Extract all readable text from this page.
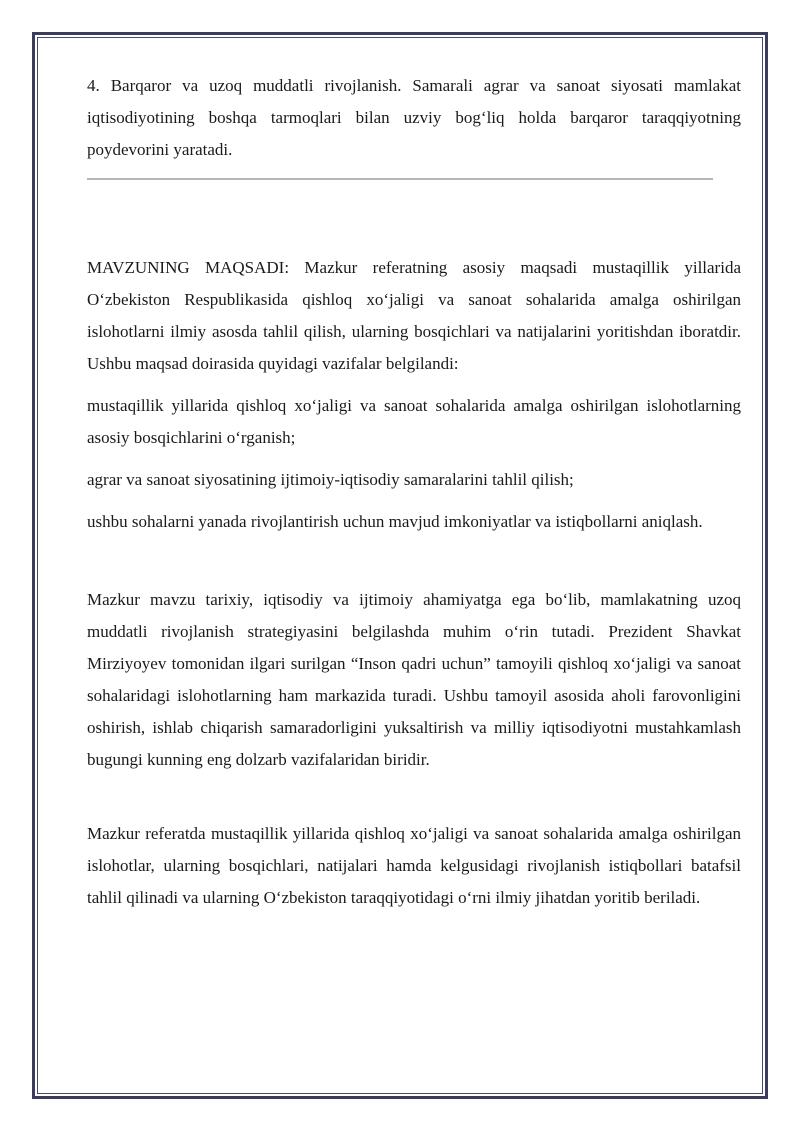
4. Barqaror va uzoq muddatli rivojlanish. Samarali agrar va sanoat siyosati mamlakat iqtisodiyotining boshqa tarmoqlari bilan uzviy bog‘liq holda barqaror taraqqiyotning poydevorini yaratadi.

MAVZUNING MAQSADI: Mazkur referatning asosiy maqsadi mustaqillik yillarida O‘zbekiston Respublikasida qishloq xo‘jaligi va sanoat sohalarida amalga oshirilgan islohotlarni ilmiy asosda tahlil qilish, ularning bosqichlari va natijalarini yoritishdan iboratdir. Ushbu maqsad doirasida quyidagi vazifalar belgilandi:

mustaqillik yillarida qishloq xo‘jaligi va sanoat sohalarida amalga oshirilgan islohotlarning asosiy bosqichlarini o‘rganish;

agrar va sanoat siyosatining ijtimoiy-iqtisodiy samaralarini tahlil qilish;

ushbu sohalarni yanada rivojlantirish uchun mavjud imkoniyatlar va istiqbollarni aniqlash.

Mazkur mavzu tarixiy, iqtisodiy va ijtimoiy ahamiyatga ega bo‘lib, mamlakatning uzoq muddatli rivojlanish strategiyasini belgilashda muhim o‘rin tutadi. Prezident Shavkat Mirziyoyev tomonidan ilgari surilgan “Inson qadri uchun” tamoyili qishloq xo‘jaligi va sanoat sohalaridagi islohotlarning ham markazida turadi. Ushbu tamoyil asosida aholi farovonligini oshirish, ishlab chiqarish samaradorligini yuksaltirish va milliy iqtisodiyotni mustahkamlash bugungi kunning eng dolzarb vazifalaridan biridir.

Mazkur referatda mustaqillik yillarida qishloq xo‘jaligi va sanoat sohalarida amalga oshirilgan islohotlar, ularning bosqichlari, natijalari hamda kelgusidagi rivojlanish istiqbollari batafsil tahlil qilinadi va ularning O‘zbekiston taraqqiyotidagi o‘rni ilmiy jihatdan yoritib beriladi.
